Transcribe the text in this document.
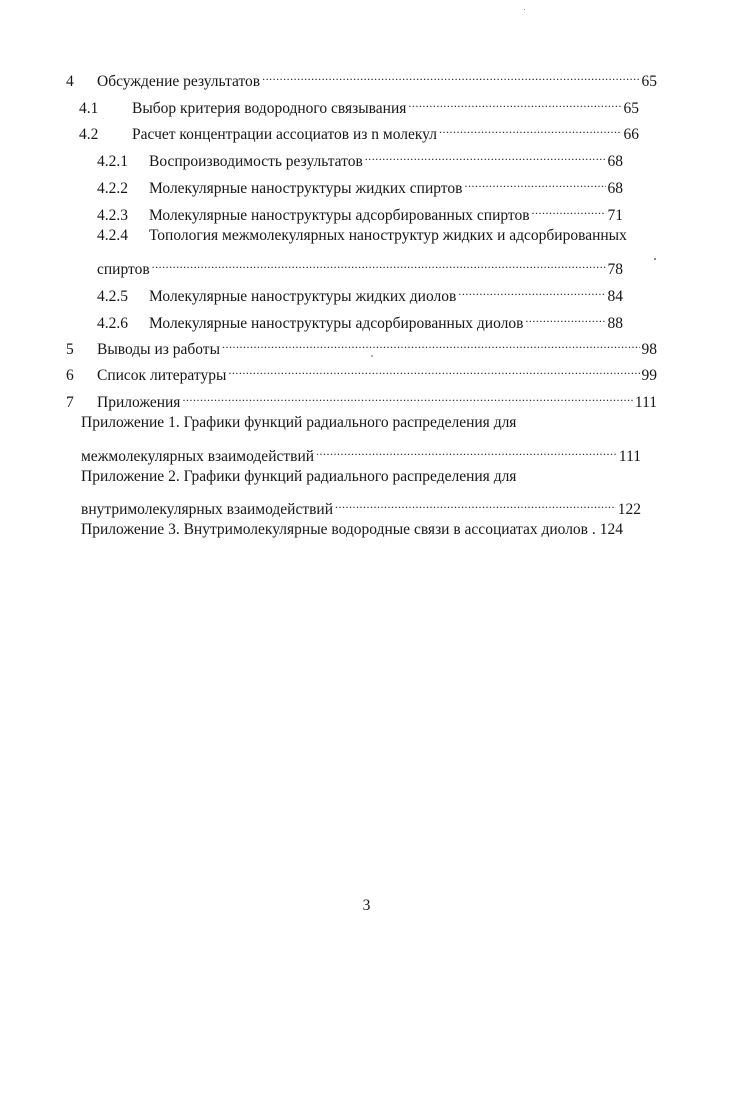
4	Обсуждение результатов .....	65
4.1	Выбор критерия водородного связывания .....	65
4.2	Расчет концентрации ассоциатов из n молекул .....	66
4.2.1	Воспроизводимость результатов .....	68
4.2.2	Молекулярные наноструктуры жидких спиртов .....	68
4.2.3	Молекулярные наноструктуры адсорбированных спиртов .....	71
4.2.4	Топология межмолекулярных наноструктур жидких и адсорбированных
спиртов .....	78
4.2.5	Молекулярные наноструктуры жидких диолов .....	84
4.2.6	Молекулярные наноструктуры адсорбированных диолов .....	88
5	Выводы из работы .....	98
6	Список литературы .....	99
7	Приложения .....	111
Приложение 1. Графики функций радиального распределения для
межмолекулярных взаимодействий .....	111
Приложение 2. Графики функций радиального распределения для
внутримолекулярных взаимодействий .....	122
Приложение 3. Внутримолекулярные водородные связи в ассоциатах диолов . 124
3
